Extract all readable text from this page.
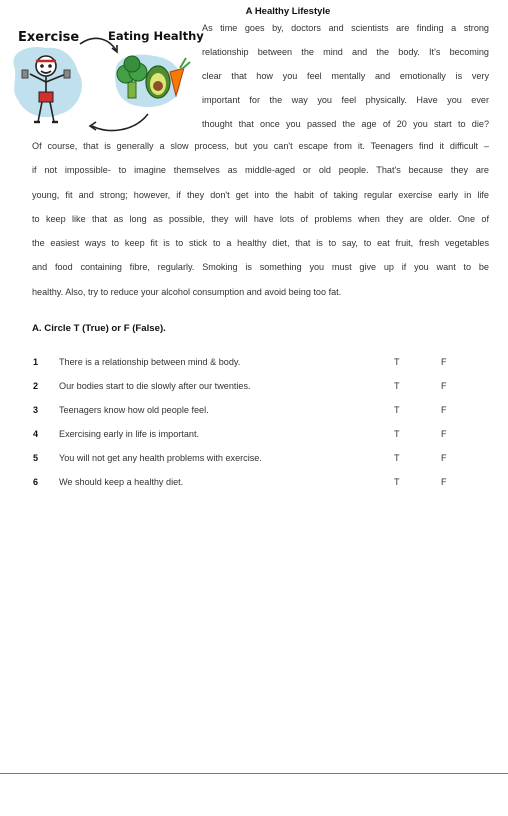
A Healthy Lifestyle
Exercise	Eating Healthy

As time goes by, doctors and scientists are finding a strong
relationship between the mind and the body. It's becoming
clear that how you feel mentally and emotionally is very
important for the way you feel physically. Have you ever
thought that once you passed the age of 20 you start to die?

Of course, that is generally a slow process, but you can't escape from it. Teenagers find it difficult –
if not impossible- to imagine themselves as middle-aged or old people. That's because they are
young, fit and strong; however, if they don't get into the habit of taking regular exercise early in life
to keep like that as long as possible, they will have lots of problems when they are older. One of
the easiest ways to keep fit is to stick to a healthy diet, that is to say, to eat fruit, fresh vegetables
and food containing fibre, regularly. Smoking is something you must give up if you want to be
healthy. Also, try to reduce your alcohol consumption and avoid being too fat.

A. Circle T (True) or F (False).
1 There is a relationship between mind & body.	T	F
2 Our bodies start to die slowly after our twenties.	T	F
3 Teenagers know how old people feel.	T	F
4 Exercising early in life is important.	T	F
5 You will not get any health problems with exercise.	T	F
6 We should keep a healthy diet.	T	F
